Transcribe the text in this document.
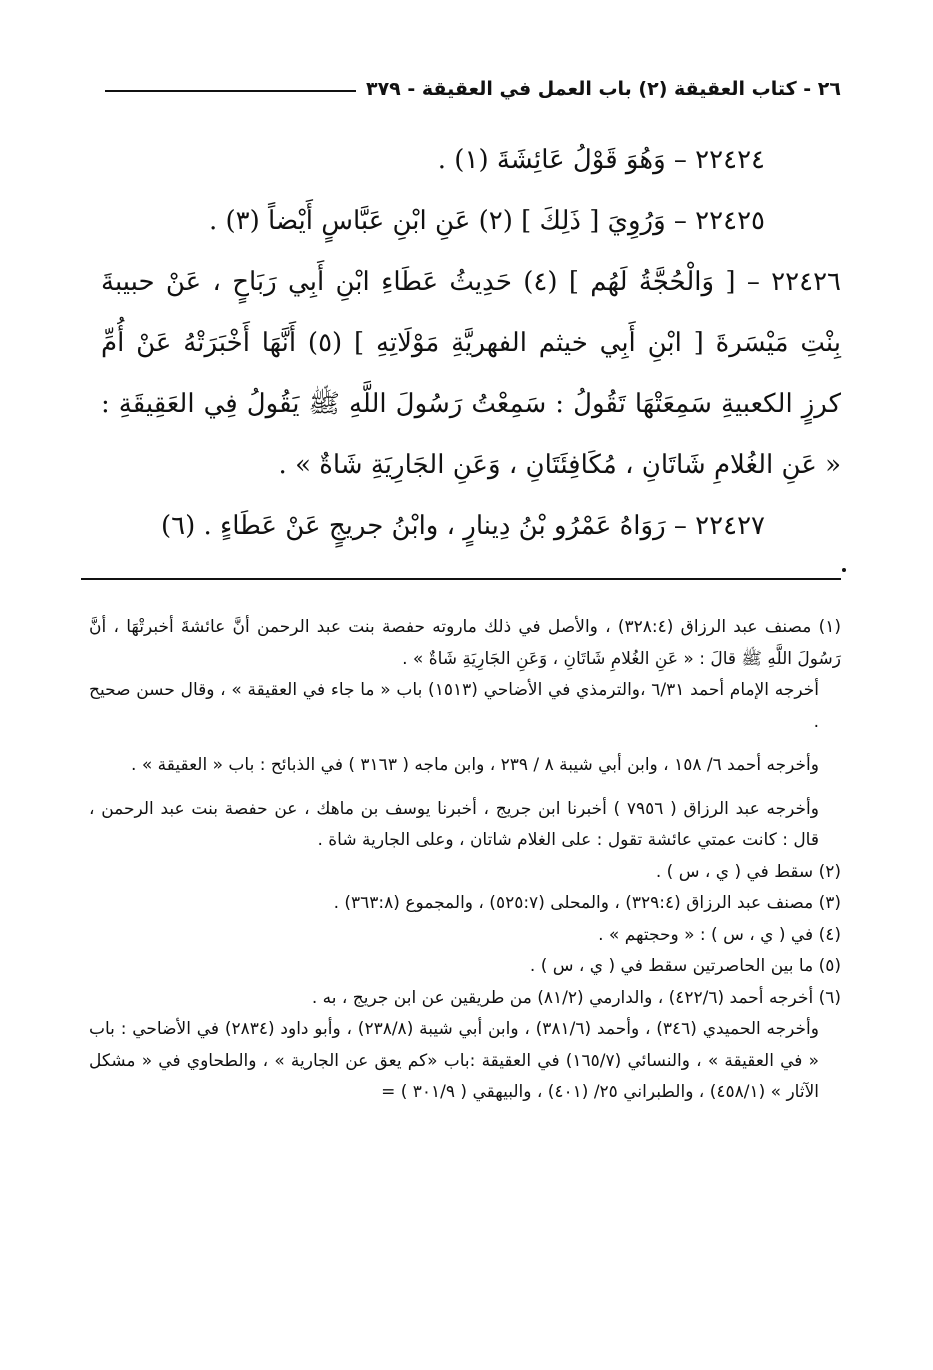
٢٦ - كتاب العقيقة (٢) باب العمل في العقيقة - ٣٧٩

٢٢٤٢٤ – وَهُوَ قَوْلُ عَائِشَةَ (١) .

٢٢٤٢٥ – وَرُوِيَ [ ذَلِكَ ] (٢) عَنِ ابْنِ عَبَّاسٍ أَيْضاً (٣) .

٢٢٤٢٦ – [ وَالْحُجَّةُ لَهُم ] (٤) حَدِيثُ عَطَاءِ ابْنِ أَبِي رَبَاحٍ ، عَنْ حبيبةَ بِنْتِ مَيْسَرةَ [ ابْنِ أَبِي خيثم الفهريَّةِ مَوْلَاتِهِ ] (٥) أَنَّهَا أَخْبَرَتْهُ عَنْ أُمِّ كرزٍ الكعبيةِ سَمِعَتْهَا تَقُولُ : سَمِعْتُ رَسُولَ اللَّهِ ﷺ يَقُولُ فِي العَقِيقَةِ : « عَنِ الغُلامِ شَاتَانِ ، مُكَافِئَتَانِ ، وَعَنِ الجَارِيَةِ شَاةٌ » .

٢٢٤٢٧ – رَوَاهُ عَمْرُو بْنُ دِينارٍ ، وابْنُ جريجٍ عَنْ عَطَاءٍ . (٦)

(١) مصنف عبد الرزاق (٣٢٨:٤) ، والأصل في ذلك ماروته حفصة بنت عبد الرحمن أنَّ عائشةَ أخبرتْهَا ، أنَّ رَسُولَ اللَّهِ ﷺ قالَ : « عَنِ الغُلامِ شَاتَانِ ، وَعَنِ الجَارِيَةِ شَاةٌ » .

أخرجه الإمام أحمد ٦/٣١ ،والترمذي في الأضاحي (١٥١٣) باب « ما جاء في العقيقة » ، وقال حسن صحيح .

وأخرجه أحمد ٦/ ١٥٨ ، وابن أبي شيبة ٨ / ٢٣٩ ، وابن ماجه ( ٣١٦٣ ) في الذبائح : باب « العقيقة » .

وأخرجه عبد الرزاق ( ٧٩٥٦ ) أخبرنا ابن جريج ، أخبرنا يوسف بن ماهك ، عن حفصة بنت عبد الرحمن ، قال : كانت عمتي عائشة تقول : على الغلام شاتان ، وعلى الجارية شاة .

(٢) سقط في ( ي ، س ) .

(٣) مصنف عبد الرزاق (٣٢٩:٤) ، والمحلى (٥٢٥:٧) ، والمجموع (٣٦٣:٨) .

(٤) في ( ي ، س ) : « وحجتهم » .

(٥) ما بين الحاصرتين سقط في ( ي ، س ) .

(٦) أخرجه أحمد (٤٢٢/٦) ، والدارمي (٨١/٢) من طريقين عن ابن جريج ، به .

وأخرجه الحميدي (٣٤٦) ، وأحمد (٣٨١/٦) ، وابن أبي شيبة (٢٣٨/٨) ، وأبو داود (٢٨٣٤) في الأضاحي : باب « في العقيقة » ، والنسائي (١٦٥/٧) في العقيقة :باب «كم يعق عن الجارية » ، والطحاوي في « مشكل الآثار » (٤٥٨/١) ، والطبراني ٢٥/ (٤٠١) ، والبيهقي ( ٣٠١/٩ ) =
